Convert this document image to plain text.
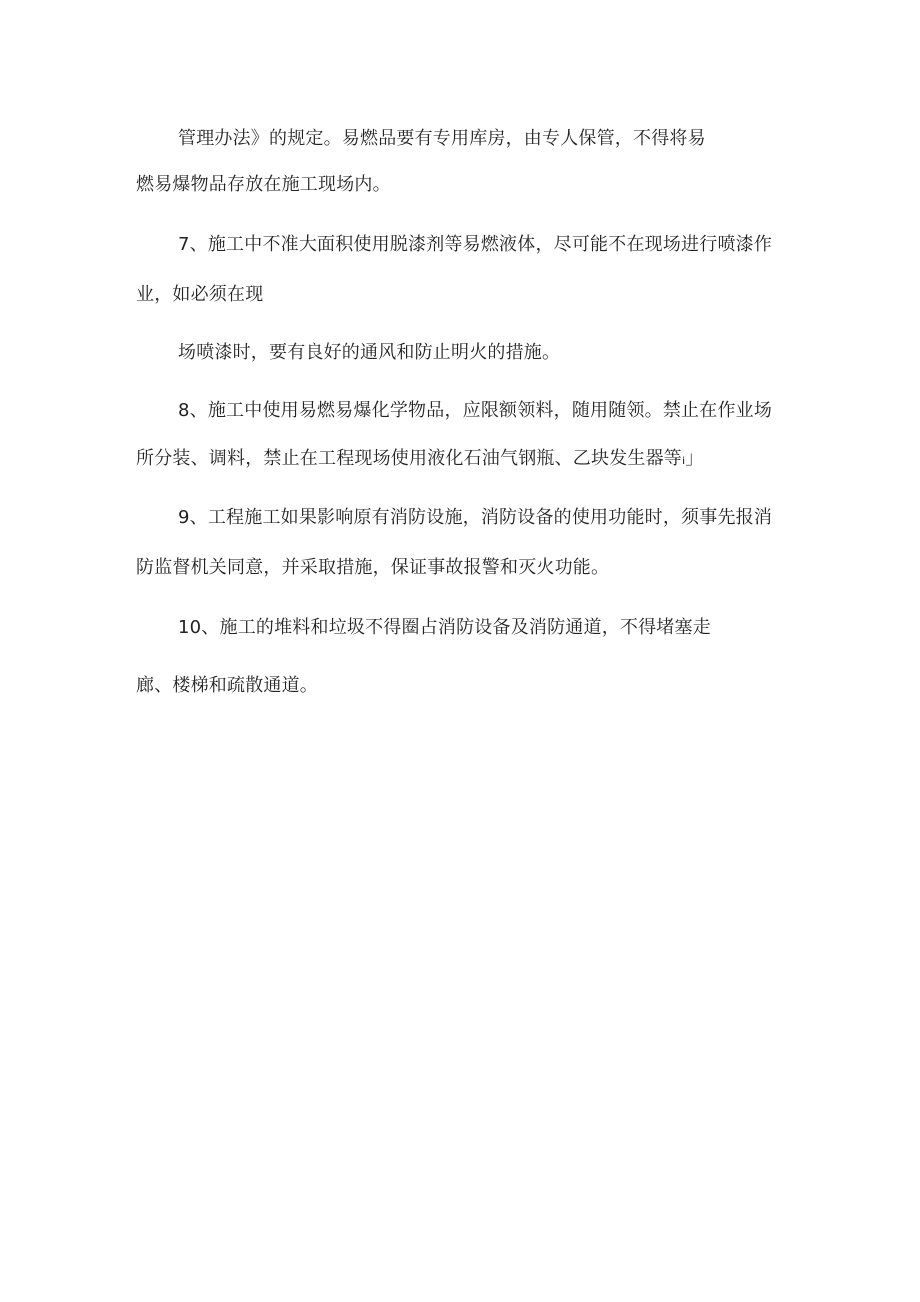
管理办法》的规定。易燃品要有专用库房，由专人保管，不得将易
燃易爆物品存放在施工现场内。
7、施工中不准大面积使用脱漆剂等易燃液体，尽可能不在现场进行喷漆作
业，如必须在现
场喷漆时，要有良好的通风和防止明火的措施。
8、施工中使用易燃易爆化学物品，应限额领料，随用随领。禁止在作业场
所分装、调料，禁止在工程现场使用液化石油气钢瓶、乙块发生器等ᵢ」
9、工程施工如果影响原有消防设施，消防设备的使用功能时，须事先报消
防监督机关同意，并采取措施，保证事故报警和灭火功能。
10、施工的堆料和垃圾不得圈占消防设备及消防通道，不得堵塞走
廊、楼梯和疏散通道。
